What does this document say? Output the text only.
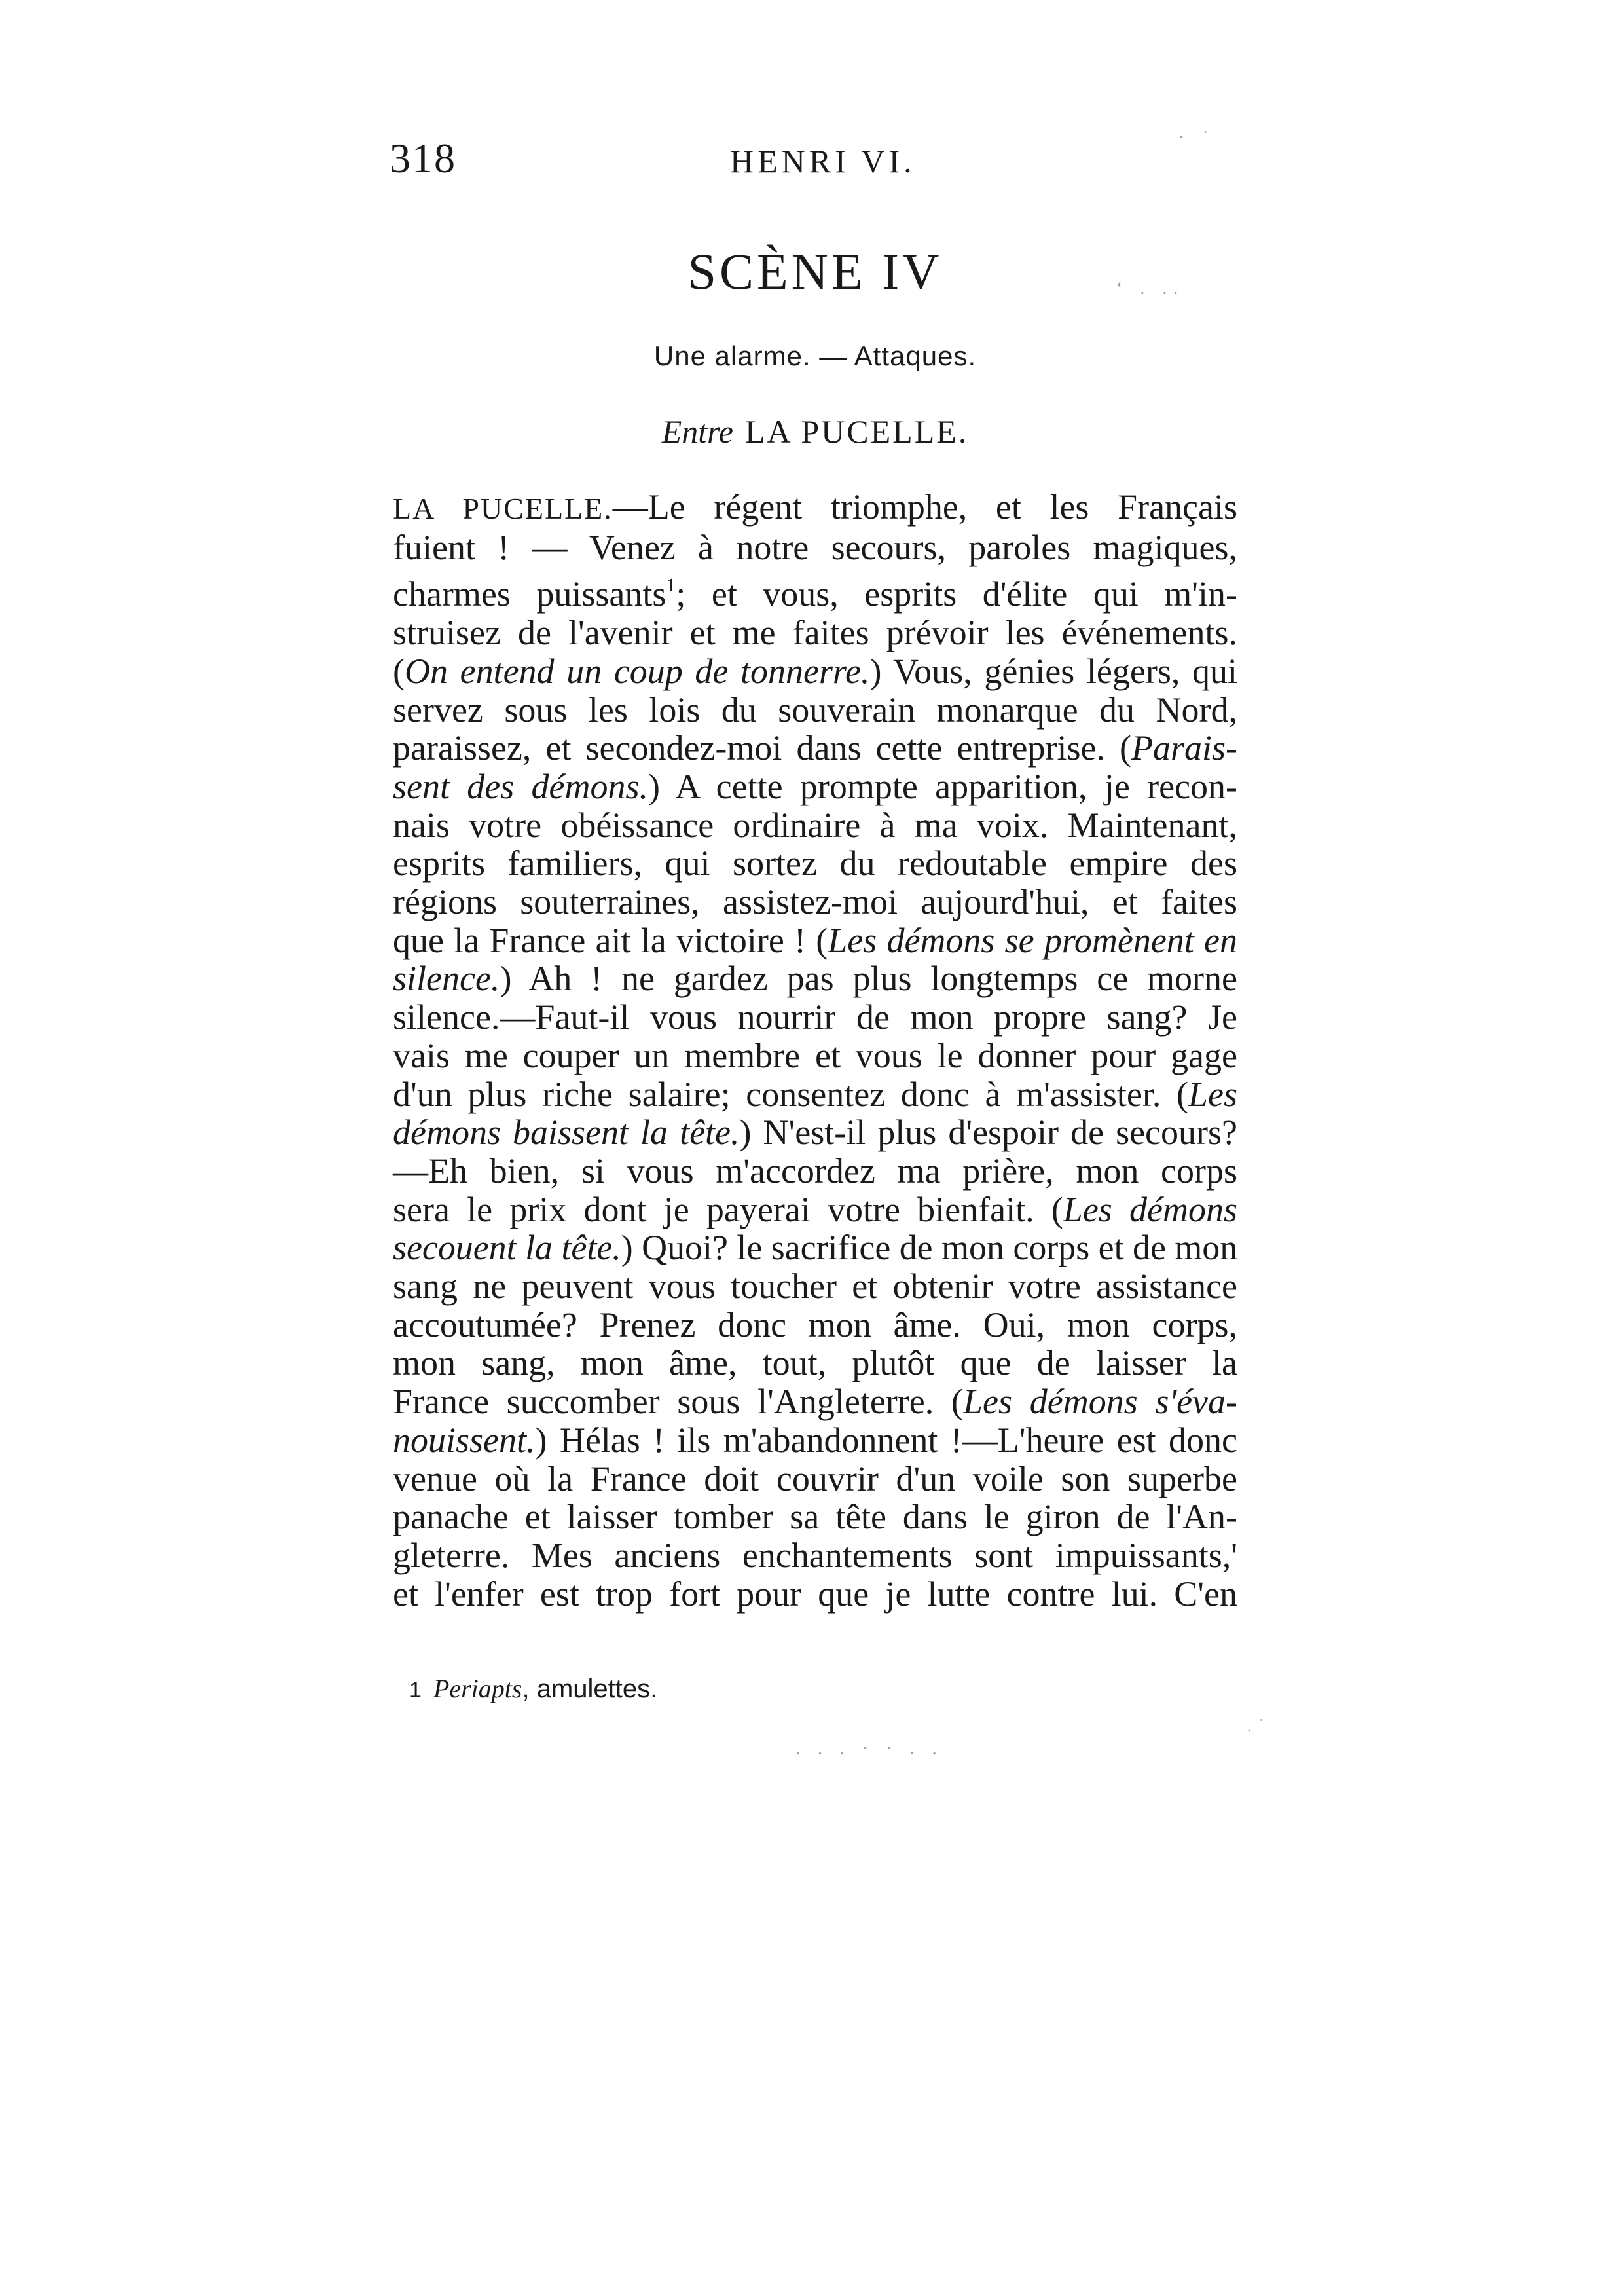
318	HENRI VI.
· ˙
‘ . ..
. . . · · . .
.˙
SCÈNE IV
Une alarme. — Attaques.
Entre LA PUCELLE.
LA PUCELLE.—Le régent triomphe, et les Français
fuient ! — Venez à notre secours, paroles magiques,
charmes puissants$^1$; et vous, esprits d'élite qui m'in-
struisez de l'avenir et me faites prévoir les événements.
(On entend un coup de tonnerre.) Vous, génies légers, qui
servez sous les lois du souverain monarque du Nord,
paraissez, et secondez-moi dans cette entreprise. (Parais-
sent des démons.) A cette prompte apparition, je recon-
nais votre obéissance ordinaire à ma voix. Maintenant,
esprits familiers, qui sortez du redoutable empire des
régions souterraines, assistez-moi aujourd'hui, et faites
que la France ait la victoire ! (Les démons se promènent en
silence.) Ah ! ne gardez pas plus longtemps ce morne
silence.—Faut-il vous nourrir de mon propre sang? Je
vais me couper un membre et vous le donner pour gage
d'un plus riche salaire; consentez donc à m'assister. (Les
démons baissent la tête.) N'est-il plus d'espoir de secours?
—Eh bien, si vous m'accordez ma prière, mon corps
sera le prix dont je payerai votre bienfait. (Les démons
secouent la tête.) Quoi? le sacrifice de mon corps et de mon
sang ne peuvent vous toucher et obtenir votre assistance
accoutumée? Prenez donc mon âme. Oui, mon corps,
mon sang, mon âme, tout, plutôt que de laisser la
France succomber sous l'Angleterre. (Les démons s'éva-
nouissent.) Hélas ! ils m'abandonnent !—L'heure est donc
venue où la France doit couvrir d'un voile son superbe
panache et laisser tomber sa tête dans le giron de l'An-
gleterre. Mes anciens enchantements sont impuissants,'
et l'enfer est trop fort pour que je lutte contre lui. C'en
1 Periapts, amulettes.
